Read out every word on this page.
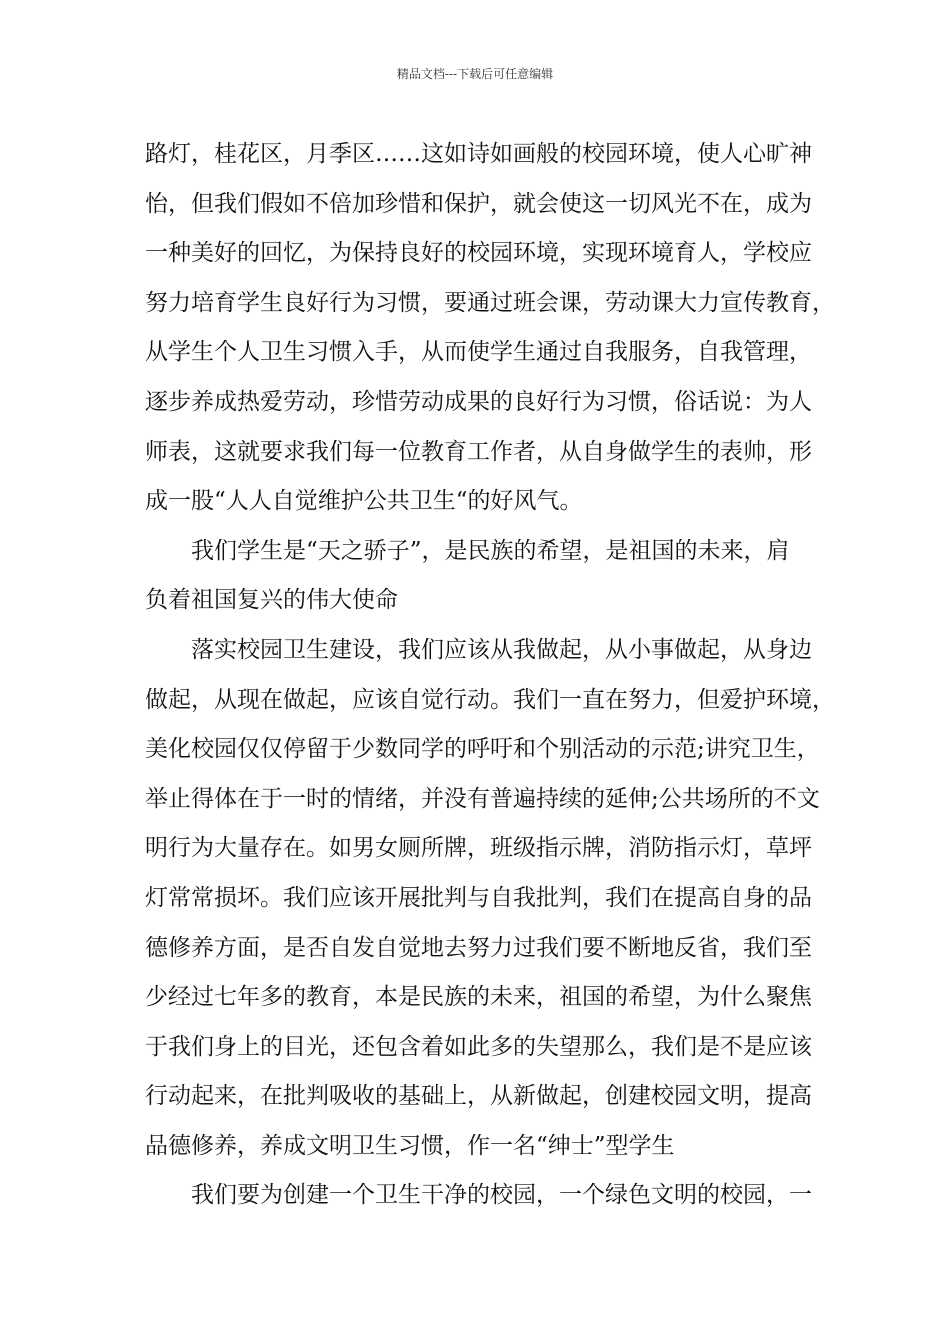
精品文档---下载后可任意编辑
路灯，桂花区，月季区……这如诗如画般的校园环境，使人心旷神
怡，但我们假如不倍加珍惜和保护，就会使这一切风光不在，成为
一种美好的回忆，为保持良好的校园环境，实现环境育人，学校应
努力培育学生良好行为习惯，要通过班会课，劳动课大力宣传教育，
从学生个人卫生习惯入手，从而使学生通过自我服务，自我管理，
逐步养成热爱劳动，珍惜劳动成果的良好行为习惯，俗话说：为人
师表，这就要求我们每一位教育工作者，从自身做学生的表帅，形
成一股“人人自觉维护公共卫生“的好风气。
我们学生是“天之骄子”，是民族的希望，是祖国的未来，肩
负着祖国复兴的伟大使命
落实校园卫生建设，我们应该从我做起，从小事做起，从身边
做起，从现在做起，应该自觉行动。我们一直在努力，但爱护环境，
美化校园仅仅停留于少数同学的呼吁和个别活动的示范;讲究卫生，
举止得体在于一时的情绪，并没有普遍持续的延伸;公共场所的不文
明行为大量存在。如男女厕所牌，班级指示牌，消防指示灯，草坪
灯常常损坏。我们应该开展批判与自我批判，我们在提高自身的品
德修养方面，是否自发自觉地去努力过我们要不断地反省，我们至
少经过七年多的教育，本是民族的未来，祖国的希望，为什么聚焦
于我们身上的目光，还包含着如此多的失望那么，我们是不是应该
行动起来，在批判吸收的基础上，从新做起，创建校园文明，提高
品德修养，养成文明卫生习惯，作一名“绅士”型学生
我们要为创建一个卫生干净的校园，一个绿色文明的校园，一
